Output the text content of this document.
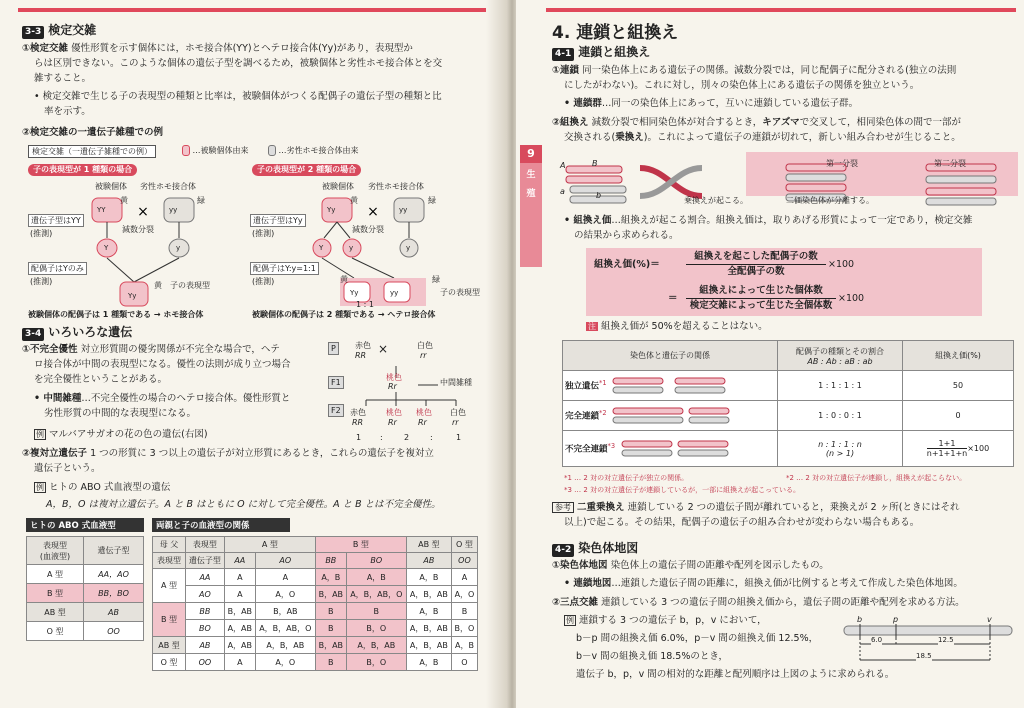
3-3 検定交雑
①検定交雑 優性形質を示す個体には，ホモ接合体(YY)とヘテロ接合体(Yy)があり，表現型か
らは区別できない。このような個体の遺伝子型を調べるため，被験個体と劣性ホモ接合体とを交
雑すること。
• 検定交雑で生じる子の表現型の種類と比率は，被験個体がつくる配偶子の遺伝子型の種類と比
率を示す。
②検定交雑の一遺伝子雑種での例
検定交雑（一遺伝子雑種での例）	…被験個体由来	…劣性ホモ接合体由来
子の表現型が 1 種類の場合	子の表現型が 2 種類の場合
×	×
被験個体 劣性ホモ接合体	被験個体 劣性ホモ接合体
黄	緑	黄	緑
YY	yy	Yy	yy
減数分裂	減数分裂
Y	y	Y	y	y
遺伝子型はYY
(推測)
配偶子はYのみ
(推測)
遺伝子型はYy
(推測)
配偶子はY:y=1:1
(推測)
Yy
黄 子の表現型
Yy	yy
黄	緑
子の表現型
1 : 1
被験個体の配偶子は 1 種類である → ホモ接合体	被験個体の配偶子は 2 種類である → ヘテロ接合体
3-4 いろいろな遺伝
①不完全優性 対立形質間の優劣関係が不完全な場合で，ヘテ
ロ接合体が中間の表現型になる。優性の法則が成り立つ場合
を完全優性ということがある。
• 中間雑種…不完全優性の場合のヘテロ接合体。優性形質と
劣性形質の中間的な表現型になる。
例 マルバアサガオの花の色の遺伝(右図)
P
F1
F2
赤色
RR ×	白色
rr
桃色
Rr	中間雑種
赤色	桃色 桃色 白色
RR	Rr	Rr	rr
1 :	2	:	1
②複対立遺伝子 1 つの形質に 3 つ以上の遺伝子が対立形質にあるとき，これらの遺伝子を複対立
遺伝子という。
例 ヒトの ABO 式血液型の遺伝
A，B，O は複対立遺伝子。A と B はともに O に対して完全優性。A と B とは不完全優性。
ヒトの ABO 式血液型
表現型
(血液型)	遺伝子型
A 型	AA，AO
B 型	BB，BO
AB 型	AB
O 型	OO
両親と子の血液型の関係
母 父	表現型	A 型		B 型		AB 型	O 型
表現型	遺伝子型	AA	AO	BB	BO	AB	OO
A 型	AA	A	A	A，B	A，B	A，B	A
	AO	A	A，O	B，AB	A，B，AB，O	A，B，AB	A，O
B 型	BB	B，AB	B，AB	B	B	A，B	B
	BO	A，AB	A，B，AB，O	B	B，O	A，B，AB	B，O
AB 型	AB	A，AB	A，B，AB	B，AB	A，B，AB	A，B，AB	A，B
O 型	OO	A	A，O	B	B，O	A，B	O
9
生
殖
4. 連鎖と組換え
4-1 連鎖と組換え
①連鎖 同一染色体上にある遺伝子の関係。減数分裂では，同じ配偶子に配分される(独立の法則
にしたがわない)。これに対し，別々の染色体上にある遺伝子の関係を独立という。
• 連鎖群…同一の染色体上にあって，互いに連鎖している遺伝子群。
②組換え 減数分裂で相同染色体が対合するとき，キアズマで交叉して，相同染色体の間で一部が
交換される(乗換え)。これによって遺伝子の連鎖が切れて，新しい組み合わせが生じること。
A	B
a	b
第一分裂	第二分裂
乗換えが起こる。	二価染色体が分離する。
• 組換え価…組換えが起こる割合。組換え価は，取りあげる形質によって一定であり，検定交雑
の結果から求められる。
組換え価(%)＝
組換えを起こした配偶子の数
全配偶子の数
×100
＝
組換えによって生じた個体数
検定交雑によって生じた全個体数
×100
注 組換え価が 50%を超えることはない。
染色体と遺伝子の関係	配偶子の種類とその割合
AB : Ab : aB : ab	組換え価(%)
独立遺伝$^{*1}$	1 : 1 : 1 : 1	50
完全連鎖$^{*2}$	1 : 0 : 0 : 1	0
不完全連鎖$^{*3}$	n : 1 : 1 : n
(n > 1)	$\frac{1+1}{n+1+1+n} \times 100$
*1 … 2 対の対立遺伝子が独立の関係。	*2 … 2 対の対立遺伝子が連鎖し，組換えが起こらない。
*3 … 2 対の対立遺伝子が連鎖しているが，一部に組換えが起こっている。
参考 二重乗換え 連鎖している 2 つの遺伝子間が離れていると，乗換えが 2 ヶ所(ときにはそれ
以上)で起こる。その結果，配偶子の遺伝子の組み合わせが変わらない場合もある。
4-2 染色体地図
①染色体地図 染色体上の遺伝子間の距離や配列を図示したもの。
• 連鎖地図…連鎖した遺伝子間の距離に，組換え価が比例すると考えて作成した染色体地図。
②三点交雑 連鎖している 3 つの遺伝子間の組換え価から，遺伝子間の距離や配列を求める方法。
例 連鎖する 3 つの遺伝子 b，p，v において，
b－p 間の組換え価 6.0%，p－v 間の組換え価 12.5%，
b－v 間の組換え価 18.5%のとき，
遺伝子 b，p，v 間の相対的な距離と配列順序は上図のように求められる。
b	p	v
6.0	12.5
18.5
